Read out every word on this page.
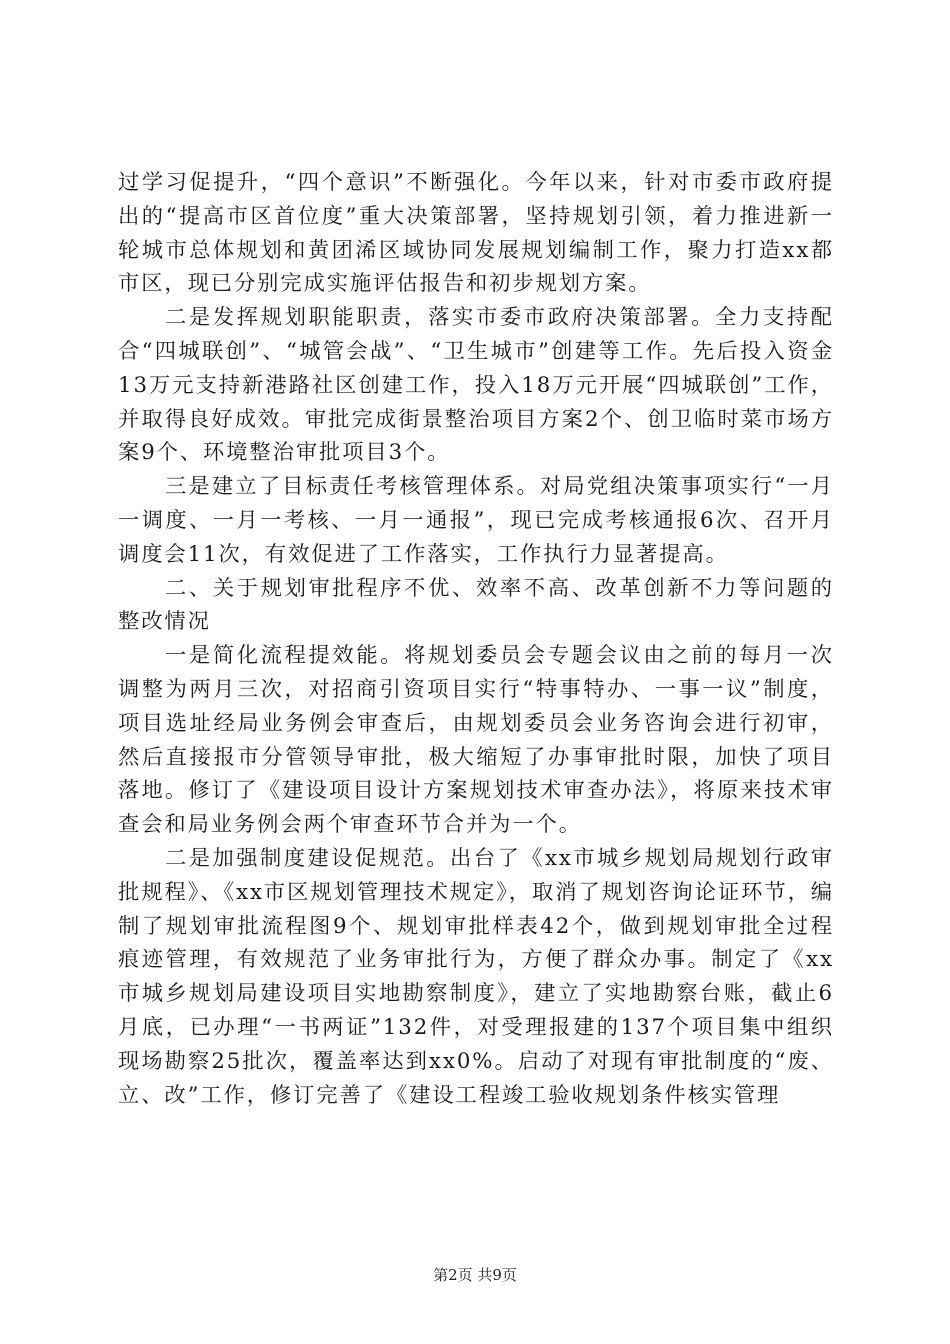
过学习促提升，“四个意识”不断强化。今年以来，针对市委市政府提出的“提高市区首位度”重大决策部署，坚持规划引领，着力推进新一轮城市总体规划和黄团浠区域协同发展规划编制工作，聚力打造xx都市区，现已分别完成实施评估报告和初步规划方案。

二是发挥规划职能职责，落实市委市政府决策部署。全力支持配合“四城联创”、“城管会战”、“卫生城市”创建等工作。先后投入资金13万元支持新港路社区创建工作，投入18万元开展“四城联创”工作，并取得良好成效。审批完成街景整治项目方案2个、创卫临时菜市场方案9个、环境整治审批项目3个。

三是建立了目标责任考核管理体系。对局党组决策事项实行“一月一调度、一月一考核、一月一通报”，现已完成考核通报6次、召开月调度会11次，有效促进了工作落实，工作执行力显著提高。

二、关于规划审批程序不优、效率不高、改革创新不力等问题的整改情况

一是简化流程提效能。将规划委员会专题会议由之前的每月一次调整为两月三次，对招商引资项目实行“特事特办、一事一议”制度，项目选址经局业务例会审查后，由规划委员会业务咨询会进行初审，然后直接报市分管领导审批，极大缩短了办事审批时限，加快了项目落地。修订了《建设项目设计方案规划技术审查办法》，将原来技术审查会和局业务例会两个审查环节合并为一个。

二是加强制度建设促规范。出台了《xx市城乡规划局规划行政审批规程》、《xx市区规划管理技术规定》，取消了规划咨询论证环节，编制了规划审批流程图9个、规划审批样表42个，做到规划审批全过程痕迹管理，有效规范了业务审批行为，方便了群众办事。制定了《xx市城乡规划局建设项目实地勘察制度》，建立了实地勘察台账，截止6月底，已办理“一书两证”132件，对受理报建的137个项目集中组织现场勘察25批次，覆盖率达到xx0%。启动了对现有审批制度的“废、立、改”工作，修订完善了《建设工程竣工验收规划条件核实管理

第2页 共9页
